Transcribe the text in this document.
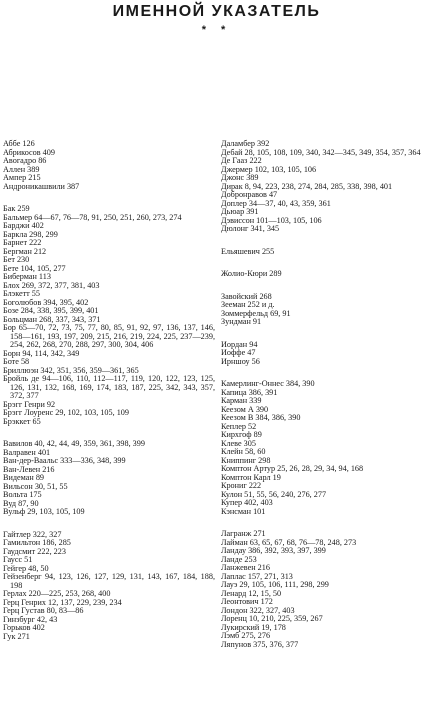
ИМЕННОЙ УКАЗАТЕЛЬ
* *
Аббе 126
Абрикосов 409
Авогадро 86
Аллен 389
Ампер 215
Андроникашвили 387
Бак 259
Бальмер 64—67, 76—78, 91, 250, 251, 260, 273, 274
Барджи 402
Баркла 298, 299
Барнет 222
Бергман 212
Бет 230
Бете 104, 105, 277
Биберман 113
Блох 269, 372, 377, 381, 403
Блэкетт 55
Боголюбов 394, 395, 402
Бозе 284, 338, 395, 399, 401
Больцман 268, 337, 343, 371
Бор 65—70, 72, 73, 75, 77, 80, 85, 91, 92, 97, 136, 137, 146, 158—161, 193, 197, 209, 215, 216, 219, 224, 225, 237—239, 254, 262, 268, 270, 288, 297, 300, 304, 406
Борн 94, 114, 342, 349
Боте 58
Бриллюэн 342, 351, 356, 359—361, 365
Бройль де 94—106, 110, 112—117, 119, 120, 122, 123, 125, 126, 131, 132, 168, 169, 174, 183, 187, 225, 342, 343, 357, 372, 377
Брэгг Генри 92
Брэгг Лоуренс 29, 102, 103, 105, 109
Брэккет 65
Вавилов 40, 42, 44, 49, 359, 361, 398, 399
Валравен 401
Ван-дер-Ваальс 333—336, 348, 399
Ван-Левен 216
Видеман 89
Вильсон 30, 51, 55
Вольта 175
Вуд 87, 90
Вульф 29, 103, 105, 109
Гайтлер 322, 327
Гамильтон 186, 285
Гаудсмит 222, 223
Гаусс 51
Гейгер 48, 50
Гейзенберг 94, 123, 126, 127, 129, 131, 143, 167, 184, 188, 198
Герлах 220—225, 253, 268, 400
Герц Генрих 12, 137, 229, 239, 234
Герц Густав 80, 83—86
Гинзбург 42, 43
Горьков 402
Гук 271
Даламбер 392
Дебай 28, 105, 108, 109, 340, 342—345, 349, 354, 357, 364
Де Гааз 222
Джермер 102, 103, 105, 106
Джонс 389
Дирак 8, 94, 223, 238, 274, 284, 285, 338, 398, 401
Добронравов 47
Доплер 34—37, 40, 43, 359, 361
Дьюар 391
Дэвиссон 101—103, 105, 106
Дюлонг 341, 345
Ельяшевич 255
Жолио-Кюри 289
Завойский 268
Зееман 252 и д.
Зоммерфельд 69, 91
Зундман 91
Иордан 94
Иоффе 47
Ирншоу 56
Камерлинг-Оннес 384, 390
Капица 386, 391
Карман 339
Кеезом А 390
Кеезом В 384, 386, 390
Кеплер 52
Кирхгоф 89
Клеве 305
Клейн 58, 60
Книппинг 298
Комптон Артур 25, 26, 28, 29, 34, 94, 168
Комптон Карл 19
Крониг 222
Кулон 51, 55, 56, 240, 276, 277
Купер 402, 403
Кэнсман 101
Лагранж 271
Лайман 63, 65, 67, 68, 76—78, 248, 273
Ландау 386, 392, 393, 397, 399
Ланде 253
Ланжевен 216
Лаплас 157, 271, 313
Лауэ 29, 105, 106, 111, 298, 299
Ленард 12, 15, 50
Леонтович 172
Лондон 322, 327, 403
Лоренц 10, 210, 225, 359, 267
Лукирский 19, 178
Лэмб 275, 276
Ляпунов 375, 376, 377
